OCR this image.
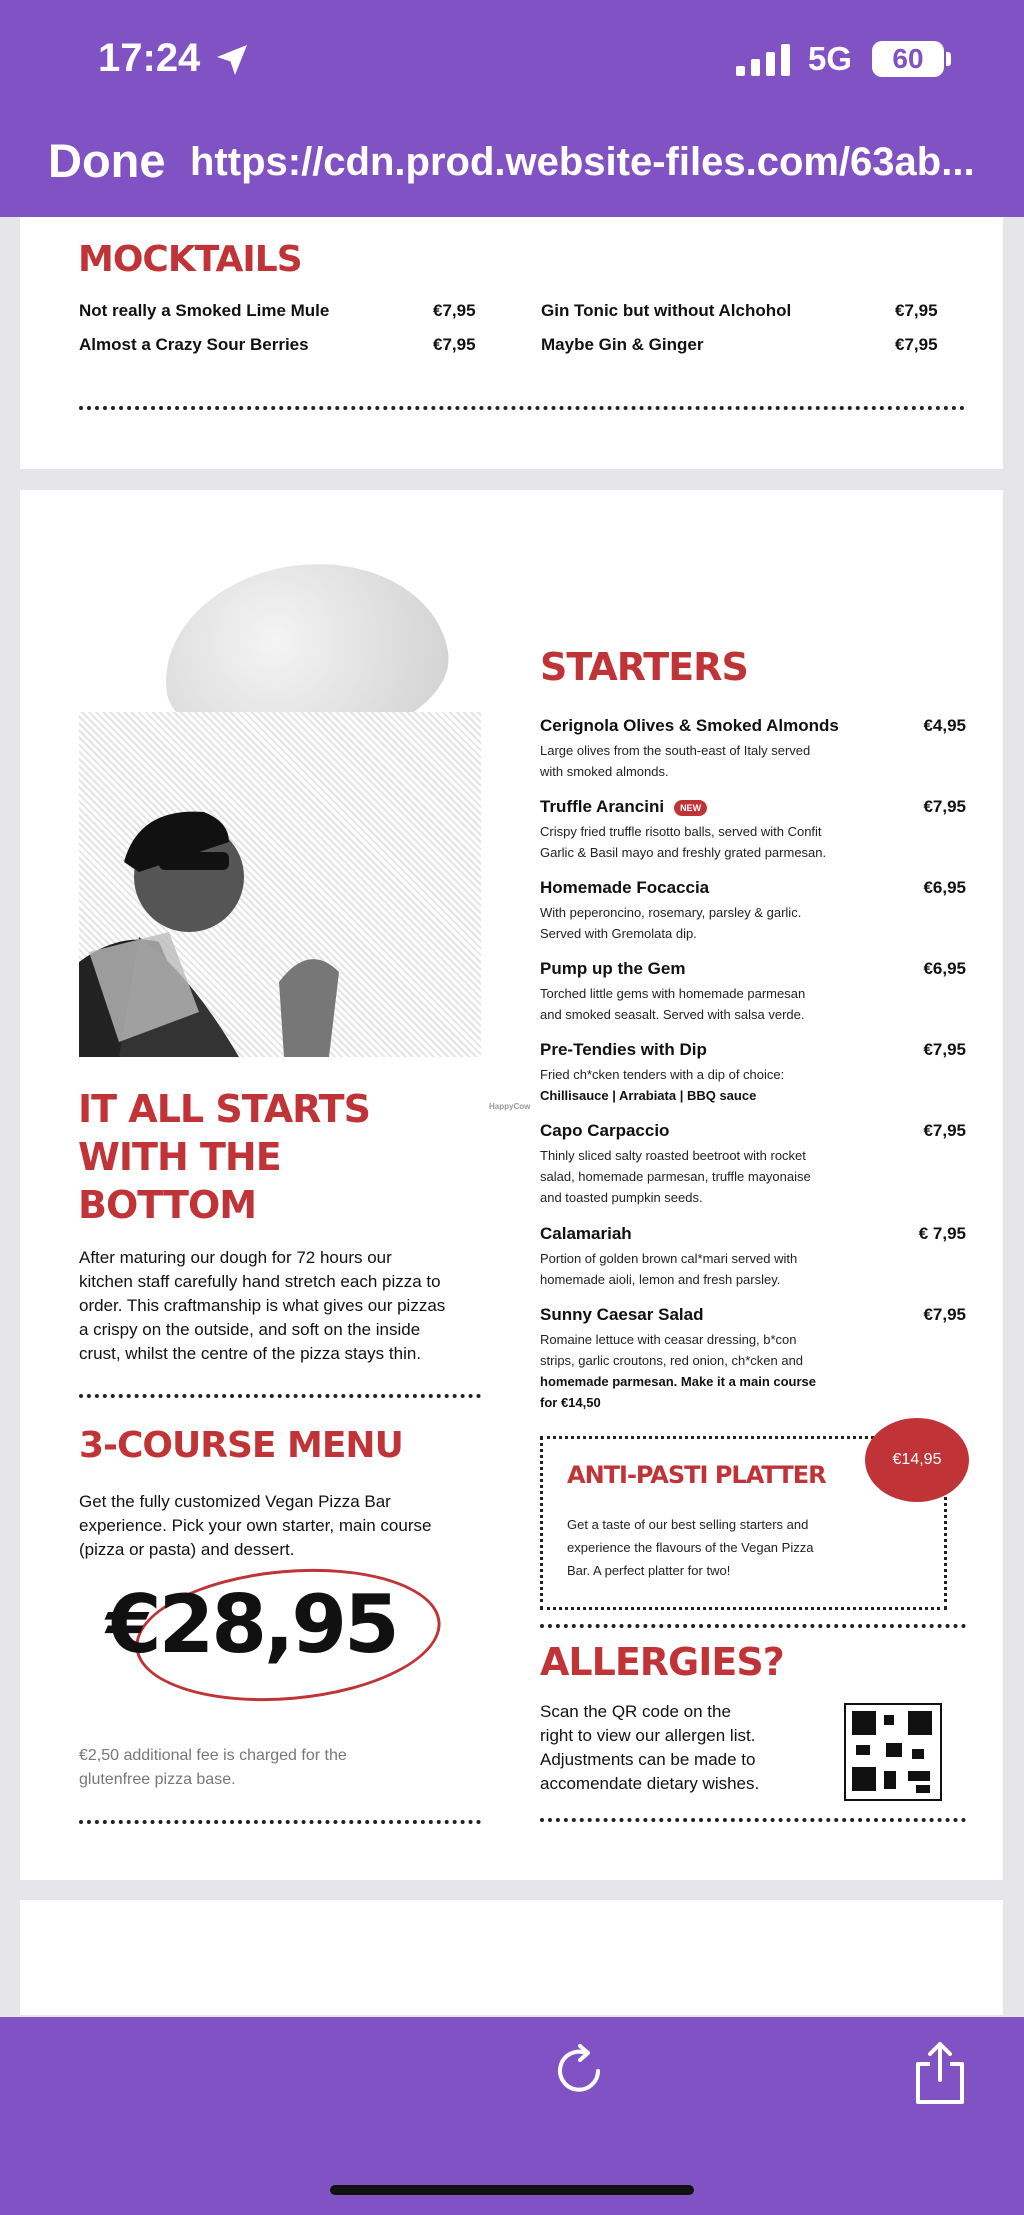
17:24	5G	60
Done https://cdn.prod.website-files.com/63ab...
MOCKTAILS
Not really a Smoked Lime Mule	€7,95
Almost a Crazy Sour Berries	€7,95
Gin Tonic but without Alchohol	€7,95
Maybe Gin & Ginger	€7,95
IT ALL STARTS
WITH THE
BOTTOM
After maturing our dough for 72 hours our
kitchen staff carefully hand stretch each pizza to
order. This craftmanship is what gives our pizzas
a crispy on the outside, and soft on the inside
crust, whilst the centre of the pizza stays thin.
3-COURSE MENU
Get the fully customized Vegan Pizza Bar
experience. Pick your own starter, main course
(pizza or pasta) and dessert.
€28,95
€2,50 additional fee is charged for the
glutenfree pizza base.
HappyCow
STARTERS
Cerignola Olives & Smoked Almonds	€4,95
Large olives from the south-east of Italy served
with smoked almonds.
Truffle Arancini NEW	€7,95
Crispy fried truffle risotto balls, served with Confit
Garlic & Basil mayo and freshly grated parmesan.
Homemade Focaccia	€6,95
With peperoncino, rosemary, parsley & garlic.
Served with Gremolata dip.
Pump up the Gem	€6,95
Torched little gems with homemade parmesan
and smoked seasalt. Served with salsa verde.
Pre-Tendies with Dip	€7,95
Fried ch*cken tenders with a dip of choice:
Chillisauce | Arrabiata | BBQ sauce
Capo Carpaccio	€7,95
Thinly sliced salty roasted beetroot with rocket
salad, homemade parmesan, truffle mayonaise
and toasted pumpkin seeds.
Calamariah	€ 7,95
Portion of golden brown cal*mari served with
homemade aioli, lemon and fresh parsley.
Sunny Caesar Salad	€7,95
Romaine lettuce with ceasar dressing, b*con
strips, garlic croutons, red onion, ch*cken and
homemade parmesan. Make it a main course
for €14,50
ANTI-PASTI PLATTER
Get a taste of our best selling starters and
experience the flavours of the Vegan Pizza
Bar. A perfect platter for two!
€14,95
ALLERGIES?
Scan the QR code on the
right to view our allergen list.
Adjustments can be made to
accomendate dietary wishes.
